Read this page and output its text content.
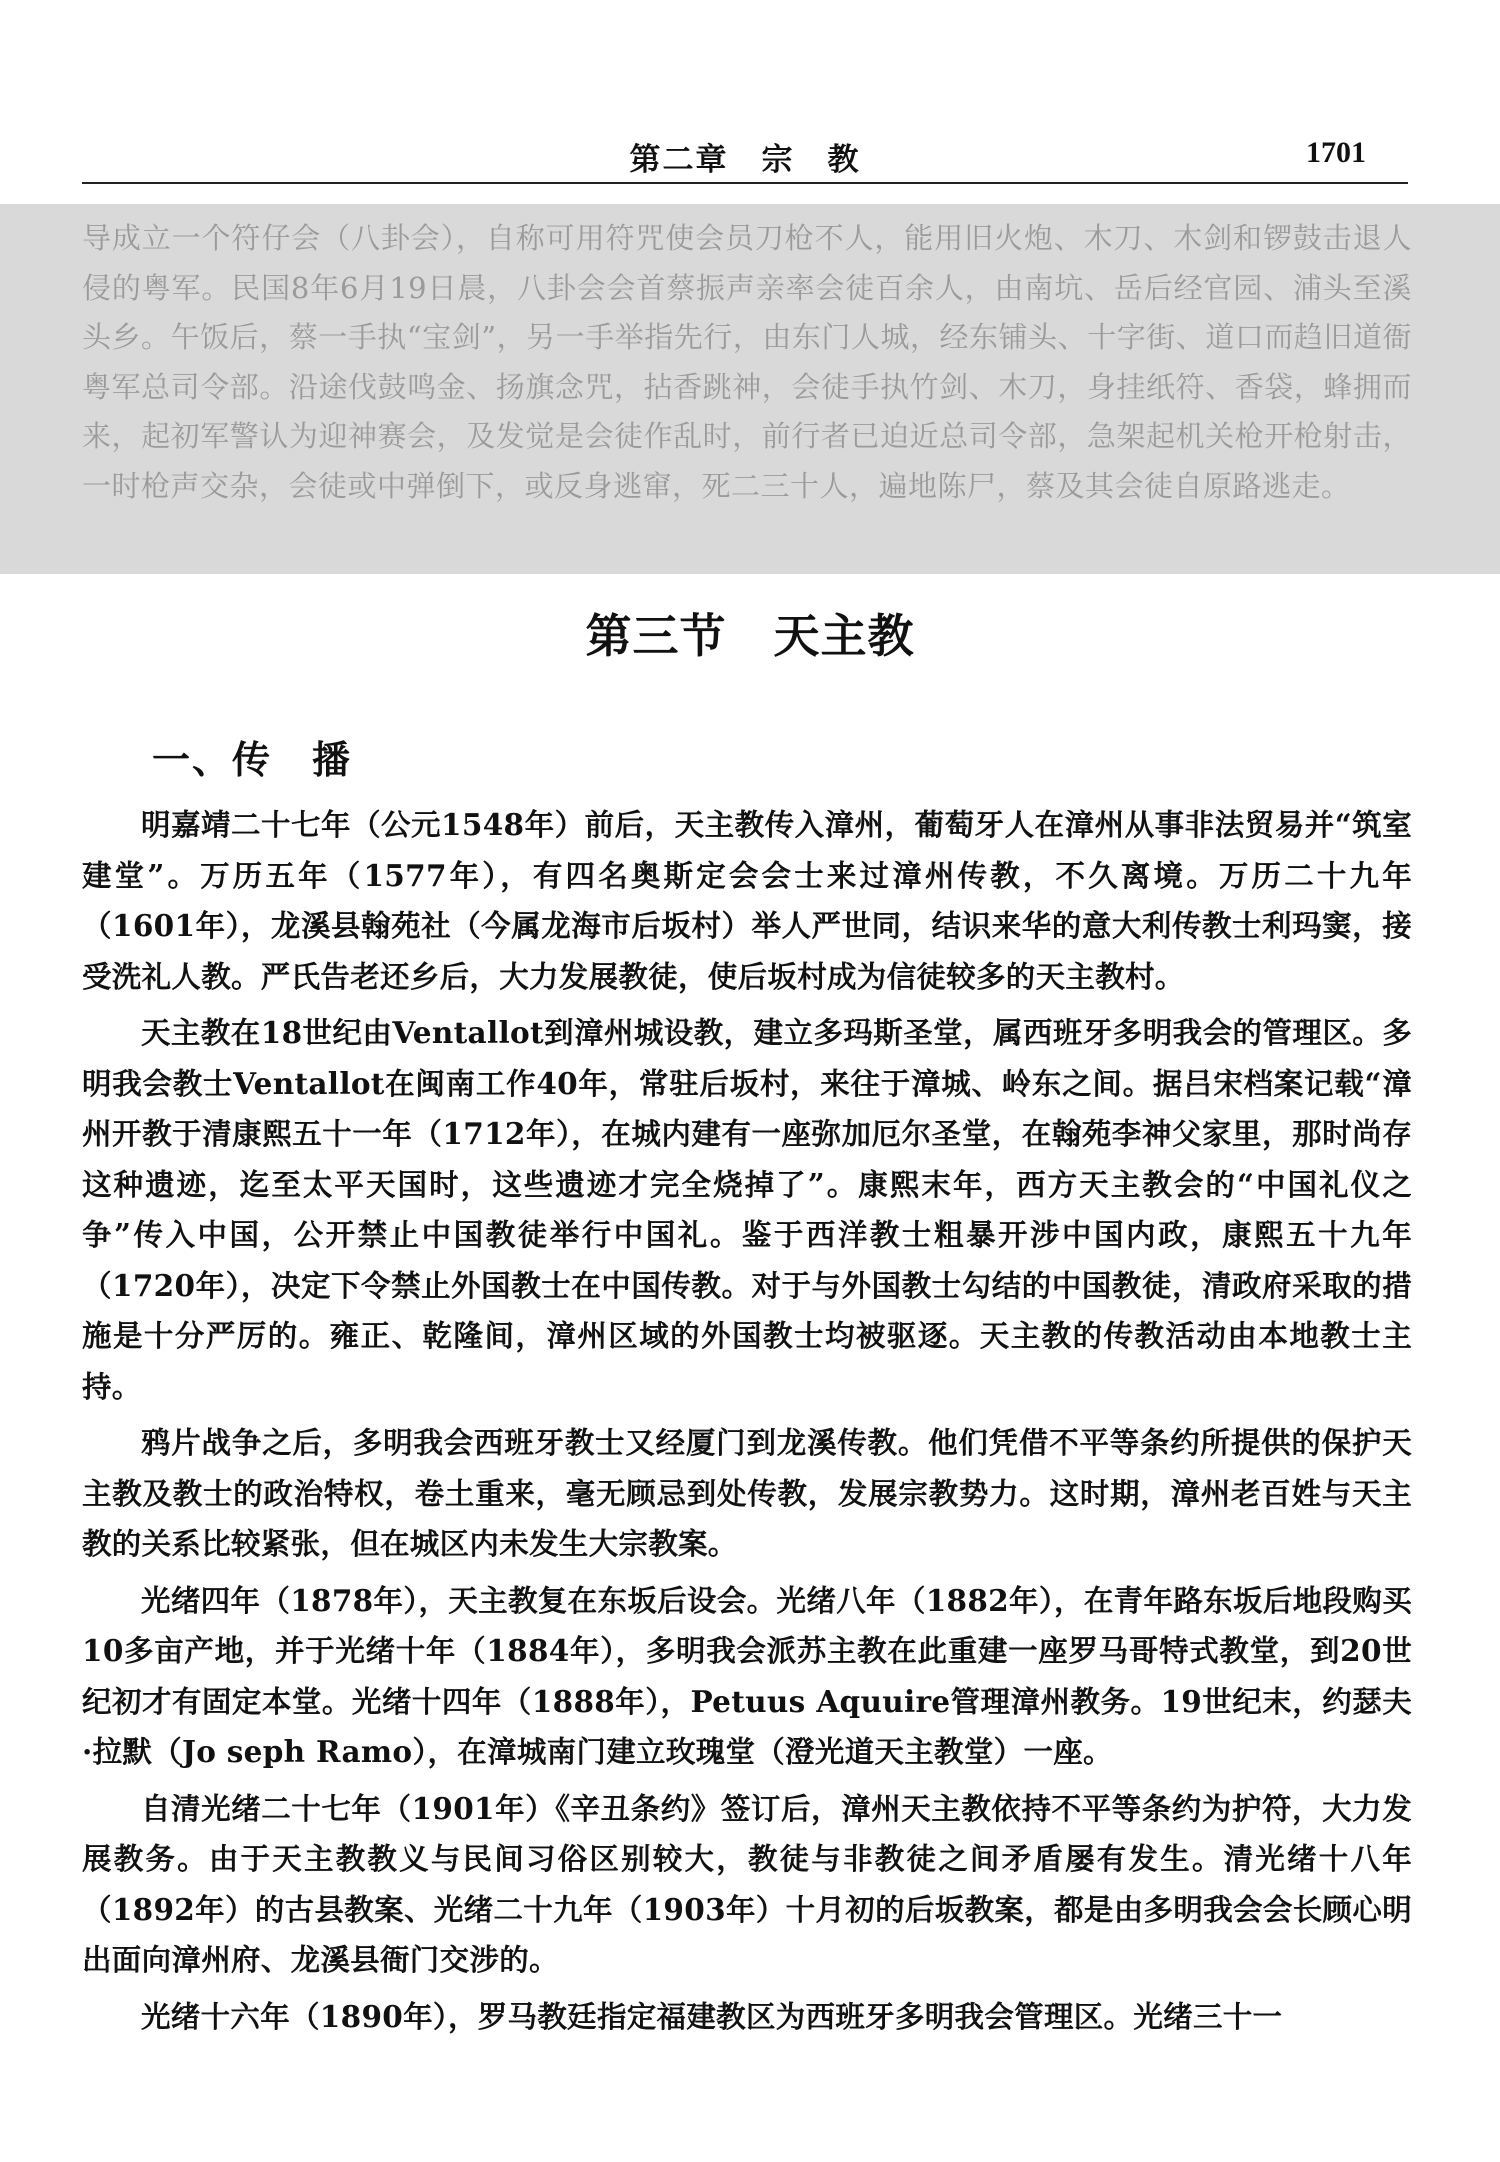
第二章　宗　教	1701
导成立一个符仔会（八卦会），自称可用符咒使会员刀枪不人，能用旧火炮、木刀、木剑和锣鼓击退人侵的粤军。民国8年6月19日晨，八卦会会首蔡振声亲率会徒百余人，由南坑、岳后经官园、浦头至溪头乡。午饭后，蔡一手执“宝剑”，另一手举指先行，由东门人城，经东铺头、十字街、道口而趋旧道衙粤军总司令部。沿途伐鼓鸣金、扬旗念咒，拈香跳神，会徒手执竹剑、木刀，身挂纸符、香袋，蜂拥而来，起初军警认为迎神赛会，及发觉是会徒作乱时，前行者已迫近总司令部，急架起机关枪开枪射击，一时枪声交杂，会徒或中弹倒下，或反身逃窜，死二三十人，遍地陈尸，蔡及其会徒自原路逃走。
第三节　天主教
一、传　播

明嘉靖二十七年（公元1548年）前后，天主教传入漳州，葡萄牙人在漳州从事非法贸易并“筑室建堂”。万历五年（1577年），有四名奥斯定会会士来过漳州传教，不久离境。万历二十九年（1601年），龙溪县翰苑社（今属龙海市后坂村）举人严世同，结识来华的意大利传教士利玛窦，接受洗礼人教。严氏告老还乡后，大力发展教徒，使后坂村成为信徒较多的天主教村。

天主教在18世纪由Ventallot到漳州城设教，建立多玛斯圣堂，属西班牙多明我会的管理区。多明我会教士Ventallot在闽南工作40年，常驻后坂村，来往于漳城、岭东之间。据吕宋档案记载“漳州开教于清康熙五十一年（1712年），在城内建有一座弥加厄尔圣堂，在翰苑李神父家里，那时尚存这种遗迹，迄至太平天国时，这些遗迹才完全烧掉了”。康熙末年，西方天主教会的“中国礼仪之争”传入中国，公开禁止中国教徒举行中国礼。鉴于西洋教士粗暴开涉中国内政，康熙五十九年（1720年），决定下令禁止外国教士在中国传教。对于与外国教士勾结的中国教徒，清政府采取的措施是十分严厉的。雍正、乾隆间，漳州区域的外国教士均被驱逐。天主教的传教活动由本地教士主持。

鸦片战争之后，多明我会西班牙教士又经厦门到龙溪传教。他们凭借不平等条约所提供的保护天主教及教士的政治特权，卷土重来，毫无顾忌到处传教，发展宗教势力。这时期，漳州老百姓与天主教的关系比较紧张，但在城区内未发生大宗教案。

光绪四年（1878年），天主教复在东坂后设会。光绪八年（1882年），在青年路东坂后地段购买10多亩产地，并于光绪十年（1884年），多明我会派苏主教在此重建一座罗马哥特式教堂，到20世纪初才有固定本堂。光绪十四年（1888年），Petuus Aquuire管理漳州教务。19世纪末，约瑟夫·拉默（Jo seph Ramo），在漳城南门建立玫瑰堂（澄光道天主教堂）一座。

自清光绪二十七年（1901年）《辛丑条约》签订后，漳州天主教依持不平等条约为护符，大力发展教务。由于天主教教义与民间习俗区别较大，教徒与非教徒之间矛盾屡有发生。清光绪十八年（1892年）的古县教案、光绪二十九年（1903年）十月初的后坂教案，都是由多明我会会长顾心明出面向漳州府、龙溪县衙门交涉的。

光绪十六年（1890年），罗马教廷指定福建教区为西班牙多明我会管理区。光绪三十一
